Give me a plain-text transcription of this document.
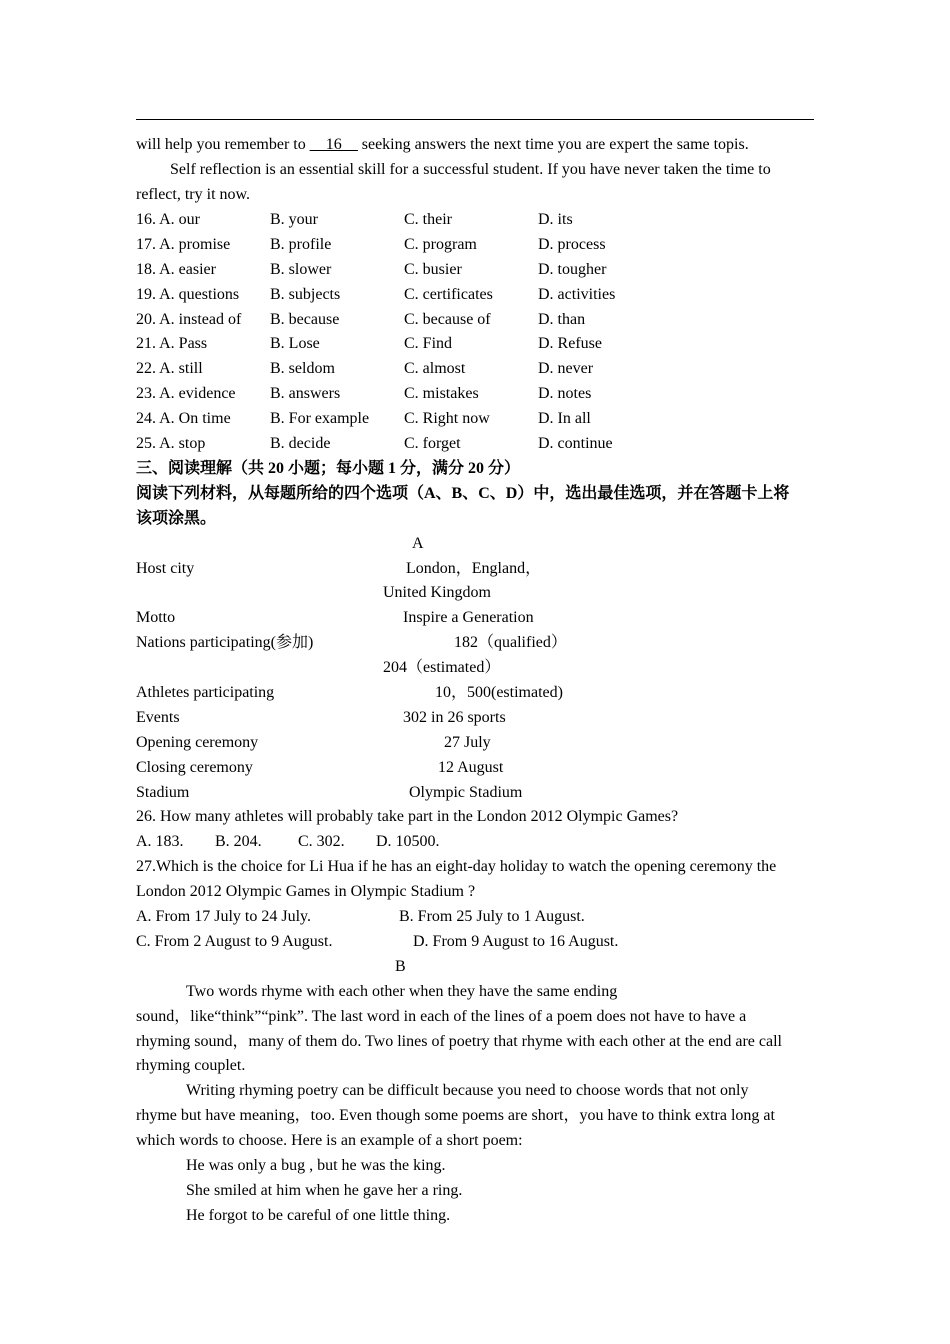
will help you remember to __16__ seeking answers the next time you are expert the same topis.
Self reflection is an essential skill for a successful student. If you have never taken the time to
reflect, try it now.
16. A. our	B. your	C. their	D. its
17. A. promise B. profile	C. program	D. process
18. A. easier	B. slower	C. busier	D. tougher
19. A. questions B. subjects	C. certificates	D. activities
20. A. instead of B. because	C. because of	D. than
21. A. Pass	B. Lose	C. Find	D. Refuse
22. A. still	B. seldom	C. almost	D. never
23. A. evidence B. answers	C. mistakes	D. notes
24. A. On time B. For example C. Right now	D. In all
25. A. stop	B. decide	C. forget	D. continue
三、阅读理解（共 20 小题；每小题 1 分，满分 20 分）
阅读下列材料，从每题所给的四个选项（A、B、C、D）中，选出最佳选项，并在答题卡上将
该项涂黑。
A
Host city	London，England，
United Kingdom
Motto	Inspire a Generation
Nations participating(参加)	182（qualified）
204（estimated）
Athletes participating	10，500(estimated)
Events	302 in 26 sports
Opening ceremony	27 July
Closing ceremony	12 August
Stadium	Olympic Stadium
26. How many athletes will probably take part in the London 2012 Olympic Games?
A. 183. B. 204. C. 302. D. 10500.
27.Which is the choice for Li Hua if he has an eight-day holiday to watch the opening ceremony the
London 2012 Olympic Games in Olympic Stadium ?
A. From 17 July to 24 July.	B. From 25 July to 1 August.
C. From 2 August to 9 August.	D. From 9 August to 16 August.
B
Two words rhyme with each other when they have the same ending
sound，like“think”“pink”. The last word in each of the lines of a poem does not have to have a
rhyming sound，many of them do. Two lines of poetry that rhyme with each other at the end are call
rhyming couplet.
Writing rhyming poetry can be difficult because you need to choose words that not only
rhyme but have meaning，too. Even though some poems are short，you have to think extra long at
which words to choose. Here is an example of a short poem:
He was only a bug , but he was the king.
She smiled at him when he gave her a ring.
He forgot to be careful of one little thing.
